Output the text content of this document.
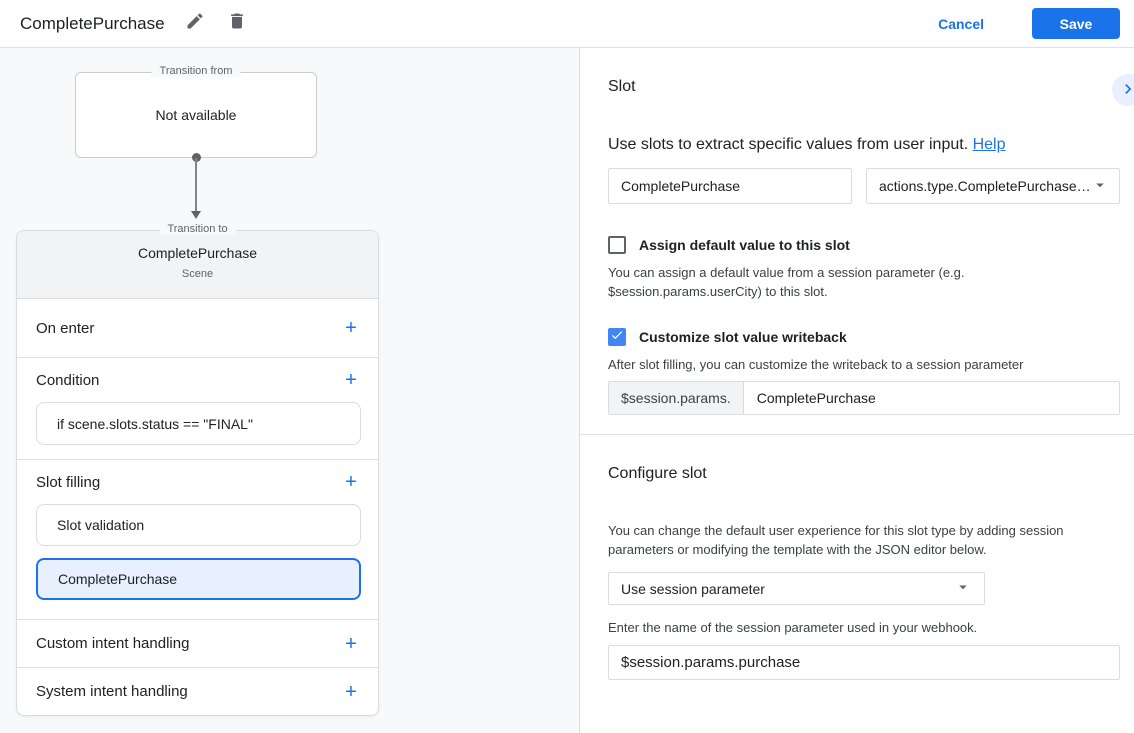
CompletePurchase	Cancel	Save
Transition from
Not available
Transition to
CompletePurchase
Scene
On enter	+
Condition	+
if scene.slots.status == "FINAL"
Slot filling	+
Slot validation
CompletePurchase
Custom intent handling	+
System intent handling	+
Slot
Use slots to extract specific values from user input. Help
CompletePurchase
actions.type.CompletePurchase…
Assign default value to this slot
You can assign a default value from a session parameter (e.g. $session.params.userCity) to this slot.
Customize slot value writeback
After slot filling, you can customize the writeback to a session parameter
$session.params.
CompletePurchase
Configure slot
You can change the default user experience for this slot type by adding session parameters or modifying the template with the JSON editor below.
Use session parameter
Enter the name of the session parameter used in your webhook.
$session.params.purchase
